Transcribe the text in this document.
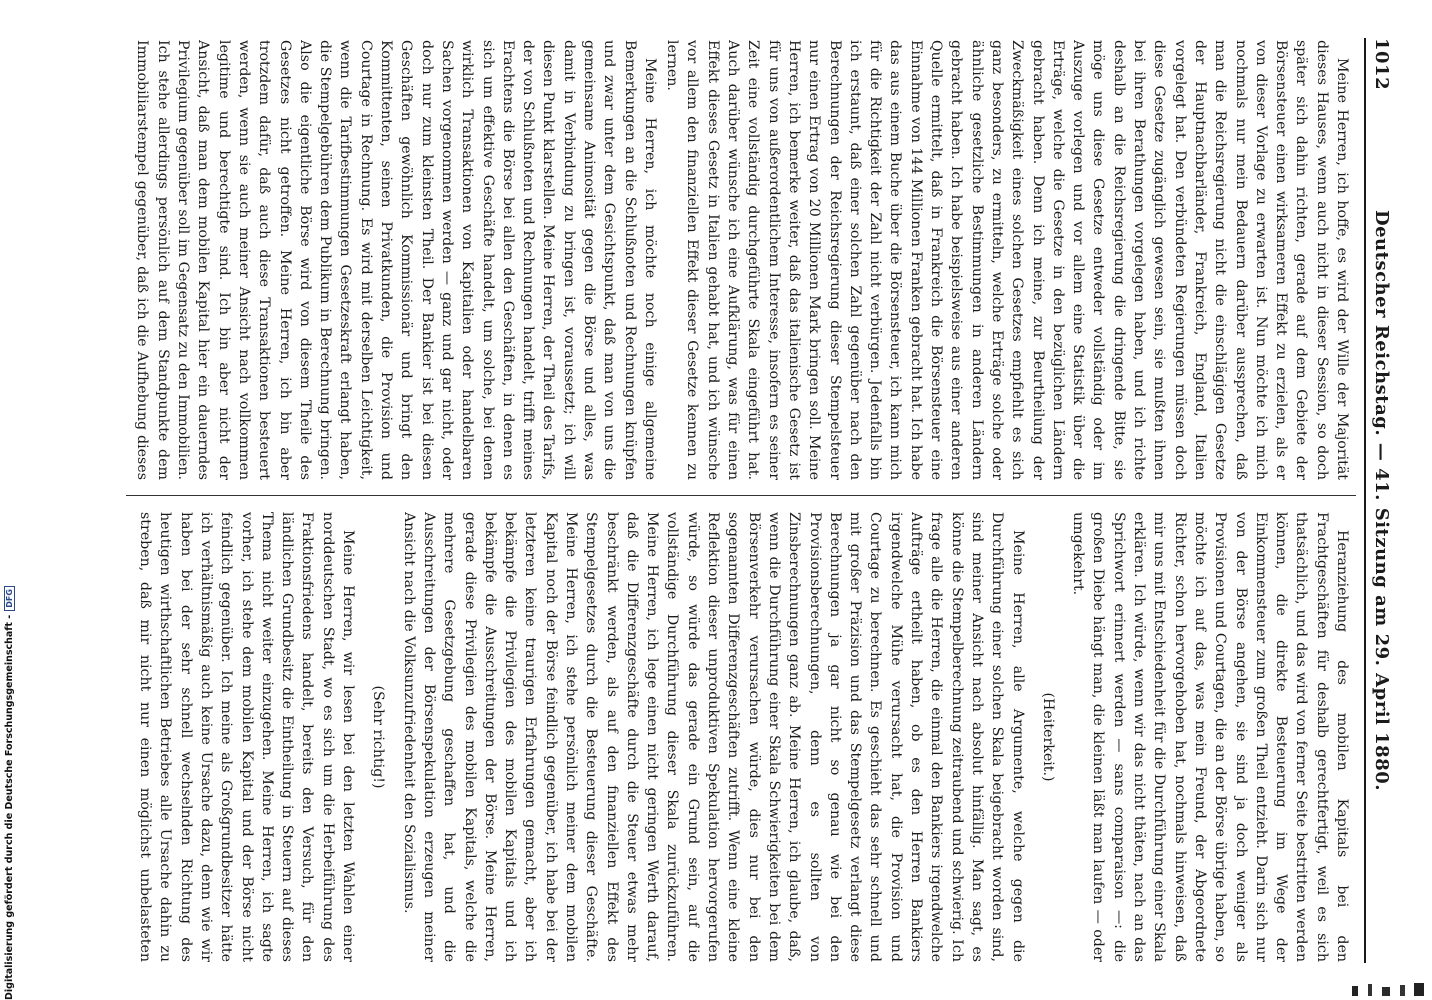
1012
Deutscher Reichstag. — 41. Sitzung am 29. April 1880.

Meine Herren, ich hoffe, es wird der Wille der Majorität dieses Hauses, wenn auch nicht in dieser Session, so doch später sich dahin richten, gerade auf dem Gebiete der Börsensteuer einen wirksameren Effekt zu erzielen, als er von dieser Vorlage zu erwarten ist. Nun möchte ich mich nochmals nur mein Bedauern darüber aussprechen, daß man die Reichsregierung nicht die einschlägigen Gesetze der Hauptnachbarländer, Frankreich, England, Italien vorgelegt hat. Den verbündeten Regierungen müssen doch diese Gesetze zugänglich gewesen sein, sie mußten ihnen bei ihren Berathungen vorgelegen haben, und ich richte deshalb an die Reichsregierung die dringende Bitte, sie möge uns diese Gesetze entweder vollständig oder im Auszuge vorlegen und vor allem eine Statistik über die Erträge, welche die Gesetze in den bezüglichen Ländern gebracht haben. Denn ich meine, zur Beurtheilung der Zweckmäßigkeit eines solchen Gesetzes empfiehlt es sich ganz besonders, zu ermitteln, welche Erträge solche oder ähnliche gesetzliche Bestimmungen in anderen Ländern gebracht haben. Ich habe beispielsweise aus einer anderen Quelle ermittelt, daß in Frankreich die Börsensteuer eine Einnahme von 144 Millionen Franken gebracht hat. Ich habe das aus einem Buche über die Börsensteuer, ich kann mich für die Richtigkeit der Zahl nicht verbürgen. Jedenfalls bin ich erstaunt, daß einer solchen Zahl gegenüber nach den Berechnungen der Reichsregierung dieser Stempelsteuer nur einen Ertrag von 20 Millionen Mark bringen soll. Meine Herren, ich bemerke weiter, daß das italienische Gesetz ist für uns von außerordentlichem Interesse, insofern es seiner Zeit eine vollständig durchgeführte Skala eingeführt hat. Auch darüber wünsche ich eine Aufklärung, was für einen Effekt dieses Gesetz in Italien gehabt hat, und ich wünsche vor allem den finanziellen Effekt dieser Gesetze kennen zu lernen.

Meine Herren, ich möchte noch einige allgemeine Bemerkungen an die Schlußnoten und Rechnungen knüpfen und zwar unter dem Gesichtspunkt, daß man von uns die gemeinsame Animosität gegen die Börse und alles, was damit in Verbindung zu bringen ist, voraussetzt; ich will diesen Punkt klarstellen. Meine Herren, der Theil des Tarifs, der von Schlußnoten und Rechnungen handelt, trifft meines Erachtens die Börse bei allen den Geschäften, in denen es sich um effektive Geschäfte handelt, um solche, bei denen wirklich Transaktionen von Kapitalien oder handelbaren Sachen vorgenommen werden — ganz und gar nicht, oder doch nur zum kleinsten Theil. Der Bankier ist bei diesen Geschäften gewöhnlich Kommissionär und bringt den Kommittenten, seinen Privatkunden, die Provision und Courtage in Rechnung. Es wird mit derselben Leichtigkeit, wenn die Tarifbestimmungen Gesetzeskraft erlangt haben, die Stempelgebühren dem Publikum in Berechnung bringen. Also die eigentliche Börse wird von diesem Theile des Gesetzes nicht getroffen. Meine Herren, ich bin aber trotzdem dafür, daß auch diese Transaktionen besteuert werden, wenn sie auch meiner Ansicht nach vollkommen legitime und berechtigte sind. Ich bin aber nicht der Ansicht, daß man dem mobilen Kapital hier ein dauerndes Privilegium gegenüber soll im Gegensatz zu den Immobilien. Ich stehe allerdings persönlich auf dem Standpunkte dem Immobiliarstempel gegenüber, daß ich die Aufhebung dieses

Heranziehung des mobilen Kapitals bei den Frachtgeschäften für deshalb gerechtfertigt, weil es sich thatsächlich, und das wird von ferner Seite bestritten werden können, die direkte Besteuerung im Wege der Einkommensteuer zum großen Theil entzieht. Darin sich nur von der Börse angehen, sie sind ja doch weniger als Provisionen und Courtagen, die an der Börse übrige haben, so möchte ich auf das, was mein Freund, der Abgeordnete Richter, schon hervorgehoben hat, nochmals hinweisen, daß mir uns mit Entschiedenheit für die Durchführung einer Skala erklären. Ich würde, wenn wir das nicht thäten, nach an das Sprichwort erinnert werden — sans comparaison —: die großen Diebe hängt man, die kleinen läßt man laufen — oder umgekehrt.

(Heiterkeit.)

Meine Herren, alle Argumente, welche gegen die Durchführung einer solchen Skala beigebracht worden sind, sind meiner Ansicht nach absolut hinfällig. Man sagt, es könne die Stempelberechnung zeitraubend und schwierig. Ich frage alle die Herren, die einmal den Bankiers irgendwelche Aufträge ertheilt haben, ob es den Herren Bankiers irgendwelche Mühe verursacht hat, die Provision und Courtage zu berechnen. Es geschieht das sehr schnell und mit großer Präzision und das Stempelgesetz verlangt diese Berechnungen ja gar nicht so genau wie bei den Provisionsberechnungen, denn es sollten von Zinsberechnungen ganz ab. Meine Herren, ich glaube, daß, wenn die Durchführung einer Skala Schwierigkeiten bei dem Börsenverkehr verursachen würde, dies nur bei den sogenannten Differenzgeschäften zutrifft. Wenn eine kleine Reflektion dieser unproduktiven Spekulation hervorgerufen würde, so würde das gerade ein Grund sein, auf die vollständige Durchführung dieser Skala zurückzuführen. Meine Herren, ich lege einen nicht geringen Werth darauf, daß die Differenzgeschäfte durch die Steuer etwas mehr beschränkt werden, als auf den finanziellen Effekt des Stempelgesetzes durch die Besteuerung dieser Geschäfte. Meine Herren, ich stehe persönlich meiner dem mobilen Kapital noch der Börse feindlich gegenüber, ich habe bei der letzteren keine traurigen Erfahrungen gemacht, aber ich bekämpfe die Privilegien des mobilen Kapitals und ich bekämpfe die Ausschreitungen der Börse. Meine Herren, gerade diese Privilegien des mobilen Kapitals, welche die mehrere Gesetzgebung geschaffen hat, und die Ausschreitungen der Börsenspekulation erzeugen meiner Ansicht nach die Volksunzufriedenheit den Sozialismus.

(Sehr richtig!)

Meine Herren, wir lesen bei den letzten Wahlen einer norddeutschen Stadt, wo es sich um die Herbeiführung des Fraktionsfriedens handelt, bereits den Versuch, für den ländlichen Grundbesitz die Eintheilung in Steuern auf dieses Thema nicht weiter einzugehen. Meine Herren, ich sagte vorher, ich stehe dem mobilen Kapital und der Börse nicht feindlich gegenüber. Ich meine als Großgrundbesitzer hätte ich verhältnismäßig auch keine Ursache dazu, denn wie wir haben bei der sehr schnell wechselnden Richtung des heutigen wirthschaftlichen Betriebes alle Ursache dahin zu streben, daß mir nicht nur einen möglichst unbelasteten

Digitalisierung gefördert durch die Deutsche Forschungsgemeinschaft -DFG
